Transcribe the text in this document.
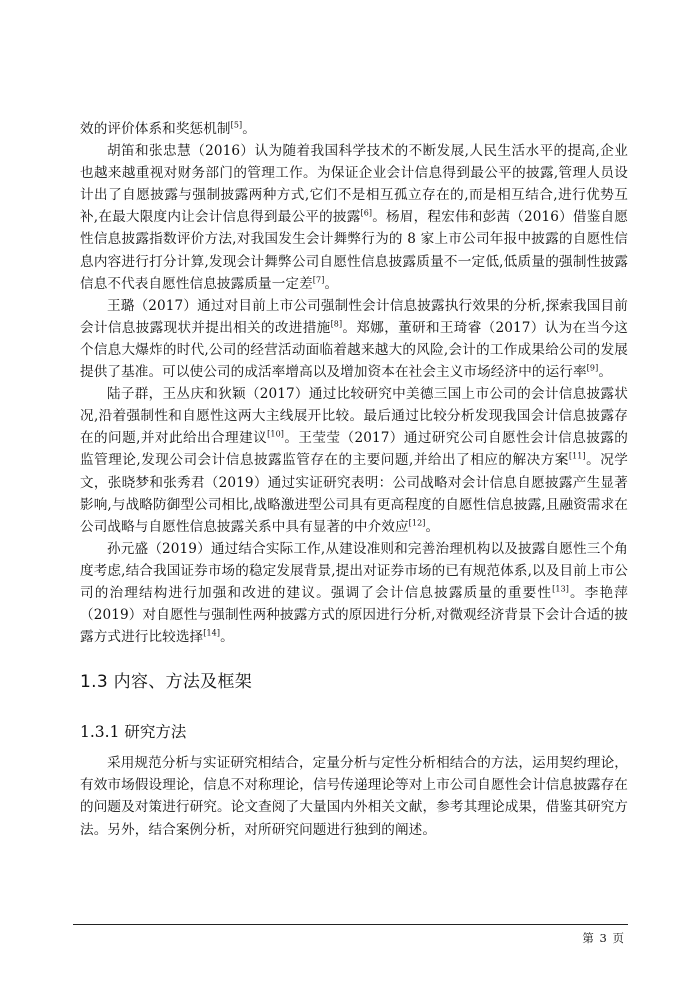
效的评价体系和奖惩机制[5]。

胡笛和张忠慧（2016）认为随着我国科学技术的不断发展,人民生活水平的提高,企业也越来越重视对财务部门的管理工作。为保证企业会计信息得到最公平的披露,管理人员设计出了自愿披露与强制披露两种方式,它们不是相互孤立存在的,而是相互结合,进行优势互补,在最大限度内让会计信息得到最公平的披露[6]。杨眉，程宏伟和彭茜（2016）借鉴自愿性信息披露指数评价方法,对我国发生会计舞弊行为的 8 家上市公司年报中披露的自愿性信息内容进行打分计算,发现会计舞弊公司自愿性信息披露质量不一定低,低质量的强制性披露信息不代表自愿性信息披露质量一定差[7]。

王璐（2017）通过对目前上市公司强制性会计信息披露执行效果的分析,探索我国目前会计信息披露现状并提出相关的改进措施[8]。郑娜，董研和王琦睿（2017）认为在当今这个信息大爆炸的时代,公司的经营活动面临着越来越大的风险,会计的工作成果给公司的发展提供了基准。可以使公司的成活率增高以及增加资本在社会主义市场经济中的运行率[9]。

陆子群，王丛庆和狄颖（2017）通过比较研究中美德三国上市公司的会计信息披露状况,沿着强制性和自愿性这两大主线展开比较。最后通过比较分析发现我国会计信息披露存在的问题,并对此给出合理建议[10]。王莹莹（2017）通过研究公司自愿性会计信息披露的监管理论,发现公司会计信息披露监管存在的主要问题,并给出了相应的解决方案[11]。况学文，张晓梦和张秀君（2019）通过实证研究表明：公司战略对会计信息自愿披露产生显著影响,与战略防御型公司相比,战略激进型公司具有更高程度的自愿性信息披露,且融资需求在公司战略与自愿性信息披露关系中具有显著的中介效应[12]。

孙元盛（2019）通过结合实际工作,从建设准则和完善治理机构以及披露自愿性三个角度考虑,结合我国证券市场的稳定发展背景,提出对证券市场的已有规范体系,以及目前上市公司的治理结构进行加强和改进的建议。强调了会计信息披露质量的重要性[13]。李艳萍（2019）对自愿性与强制性两种披露方式的原因进行分析,对微观经济背景下会计合适的披露方式进行比较选择[14]。

1.3 内容、方法及框架
1.3.1 研究方法

采用规范分析与实证研究相结合，定量分析与定性分析相结合的方法，运用契约理论，有效市场假设理论，信息不对称理论，信号传递理论等对上市公司自愿性会计信息披露存在的问题及对策进行研究。论文查阅了大量国内外相关文献，参考其理论成果，借鉴其研究方法。另外，结合案例分析，对所研究问题进行独到的阐述。

第 3 页
